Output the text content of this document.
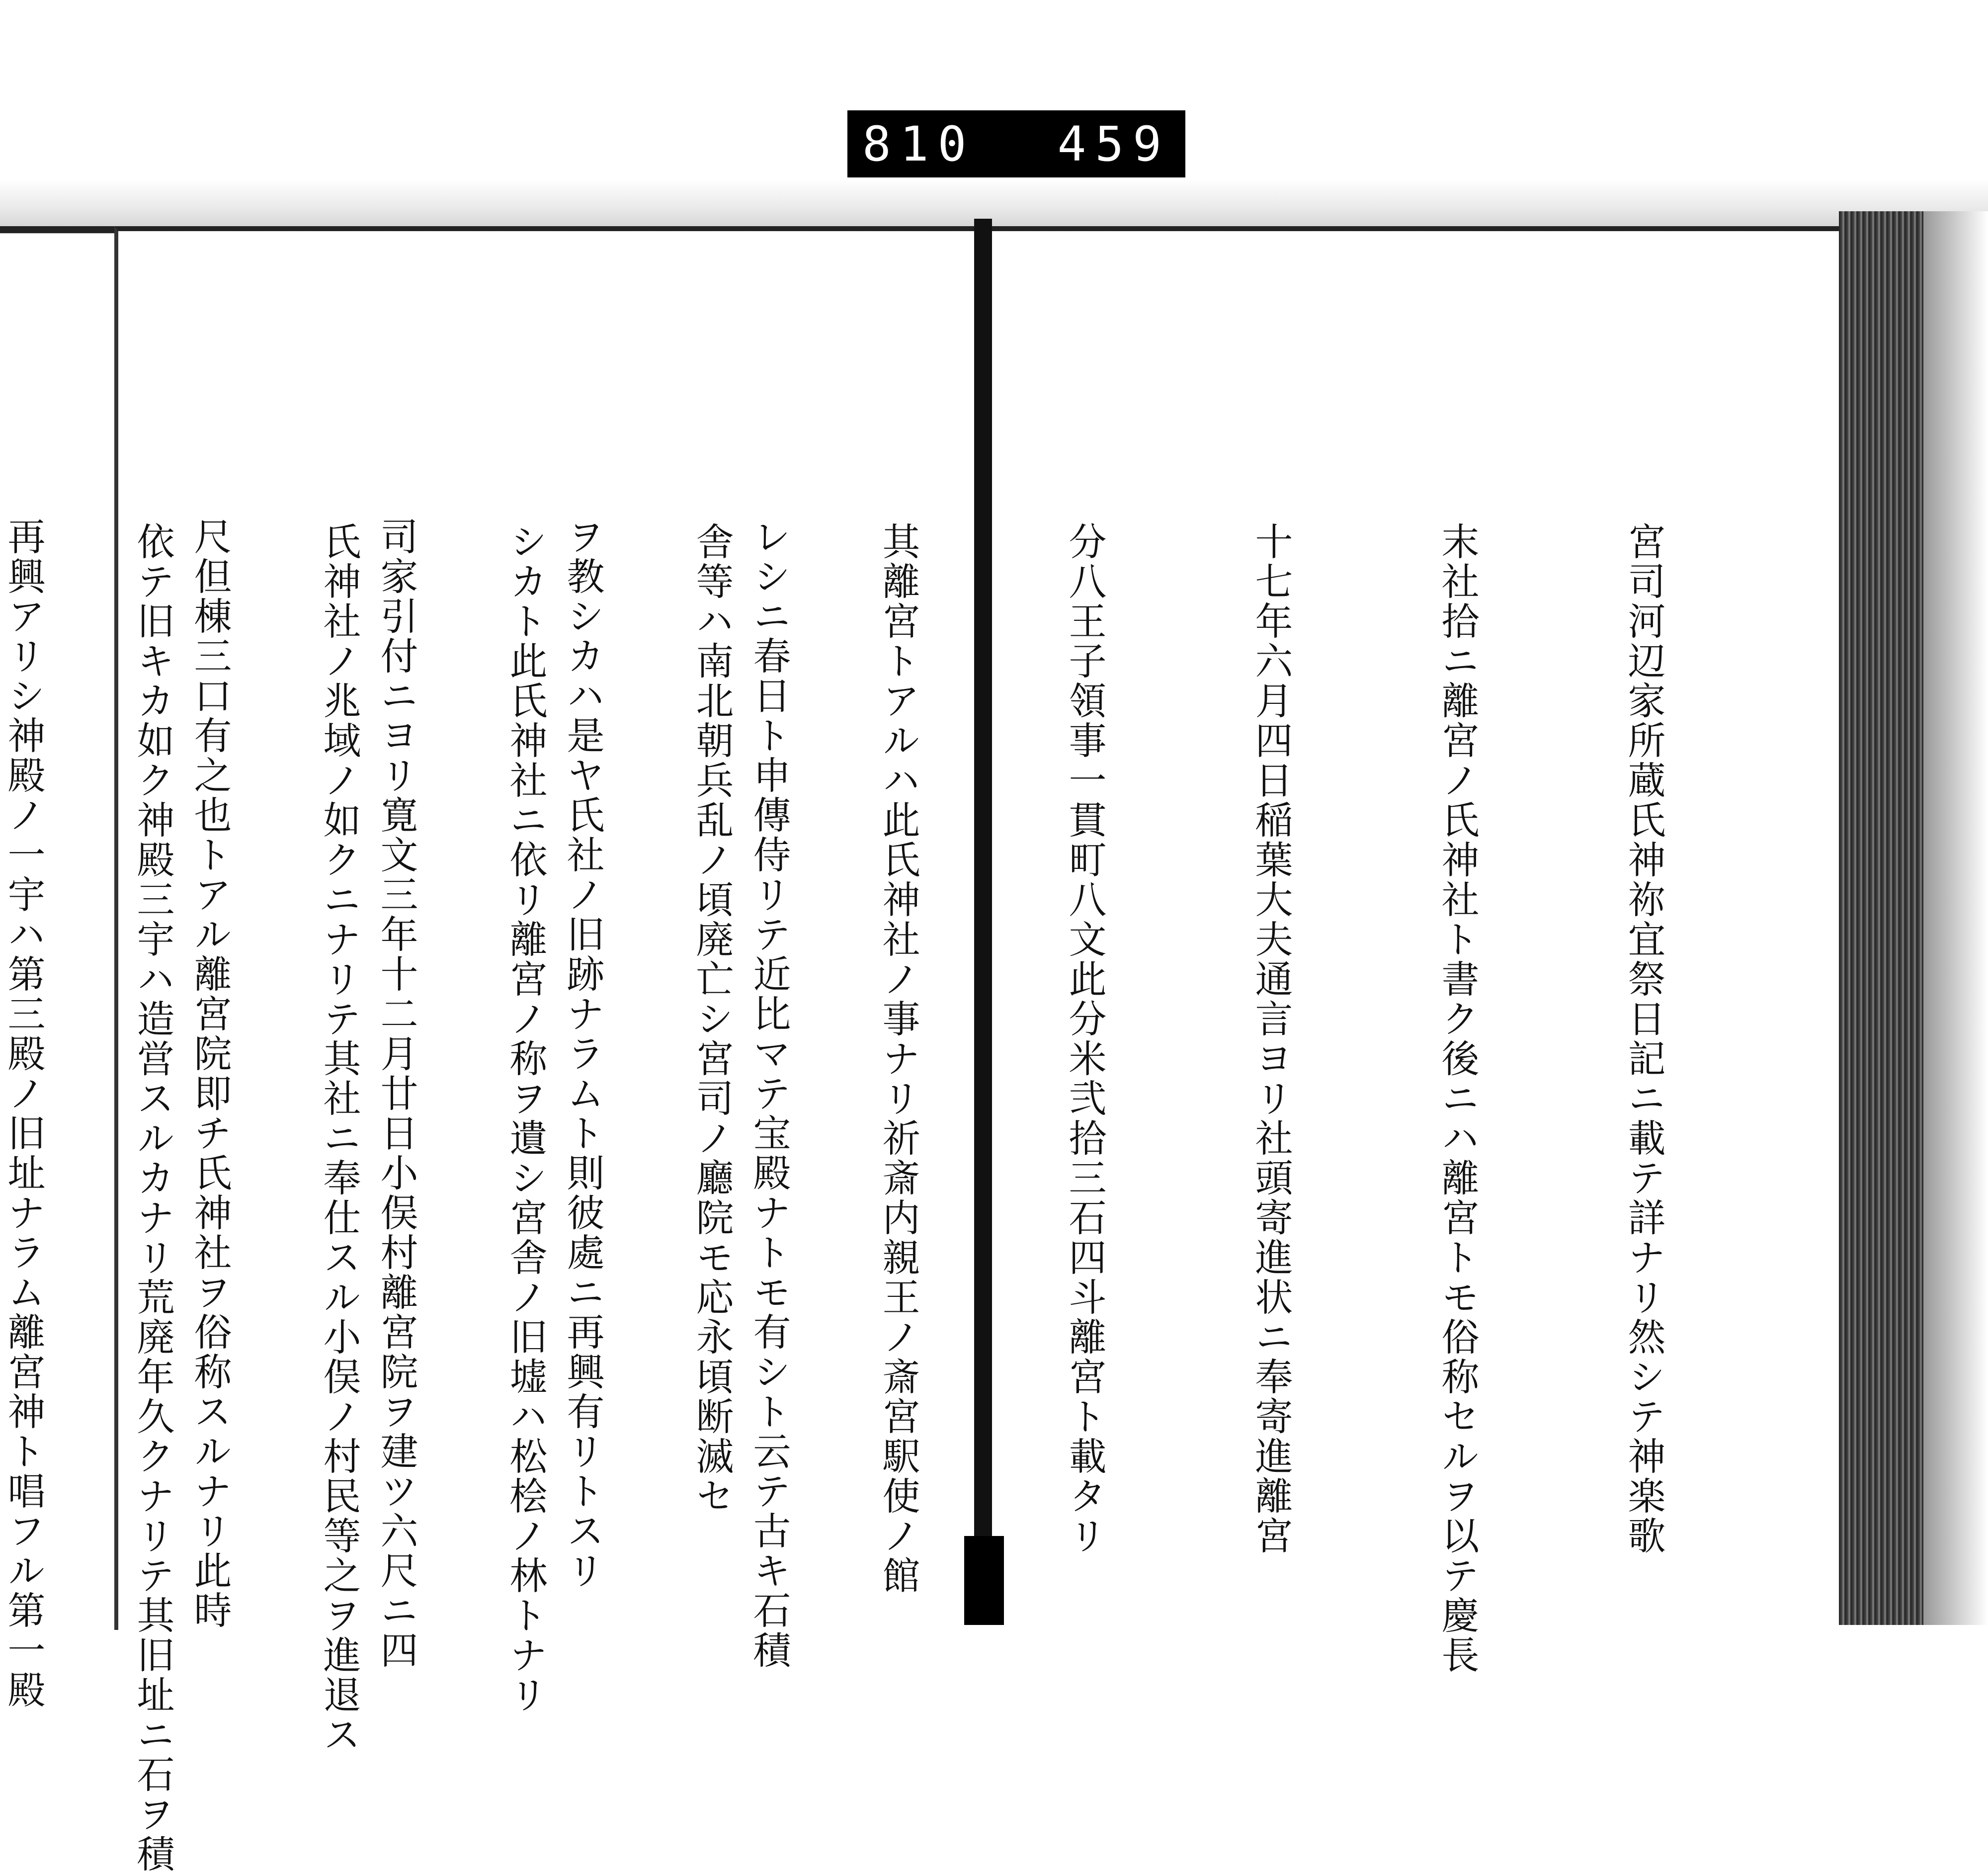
810 459

宮司河辺家所蔵氏神祢宜祭日記ニ載テ詳ナリ然シテ神楽歌

末社拾ニ離宮ノ氏神社ト書ク後ニハ離宮トモ俗称セルヲ以テ慶長

十七年六月四日稲葉大夫通言ヨリ社頭寄進状ニ奉寄進離宮

分八王子領事一貫町八文此分米弐拾三石四斗離宮ト載タリ

其離宮トアルハ此氏神社ノ事ナリ祈斎内親王ノ斎宮駅使ノ館

舎等ハ南北朝兵乱ノ頃廃亡シ宮司ノ廳院モ応永頃断滅セ

シカト此氏神社ニ依リ離宮ノ称ヲ遺シ宮舎ノ旧墟ハ松桧ノ林トナリ

氏神社ノ兆域ノ如クニナリテ其社ニ奉仕スル小俣ノ村民等之ヲ進退ス

依テ旧キカ如ク神殿三宇ハ造営スルカナリ荒廃年久クナリテ其旧址ニ石ヲ積

	レシニ春日ト申傳侍リテ近比マテ宝殿ナトモ有シト云テ古キ石積

ヲ教シカハ是ヤ氏社ノ旧跡ナラムト則彼處ニ再興有リトスリ

司家引付ニヨリ寛文三年十二月廿日小俣村離宮院ヲ建ツ六尺ニ四

尺但棟三口有之也トアル離宮院即チ氏神社ヲ俗称スルナリ此時

再興アリシ神殿ノ一宇ハ第三殿ノ旧址ナラム離宮神ト唱フル第一殿
